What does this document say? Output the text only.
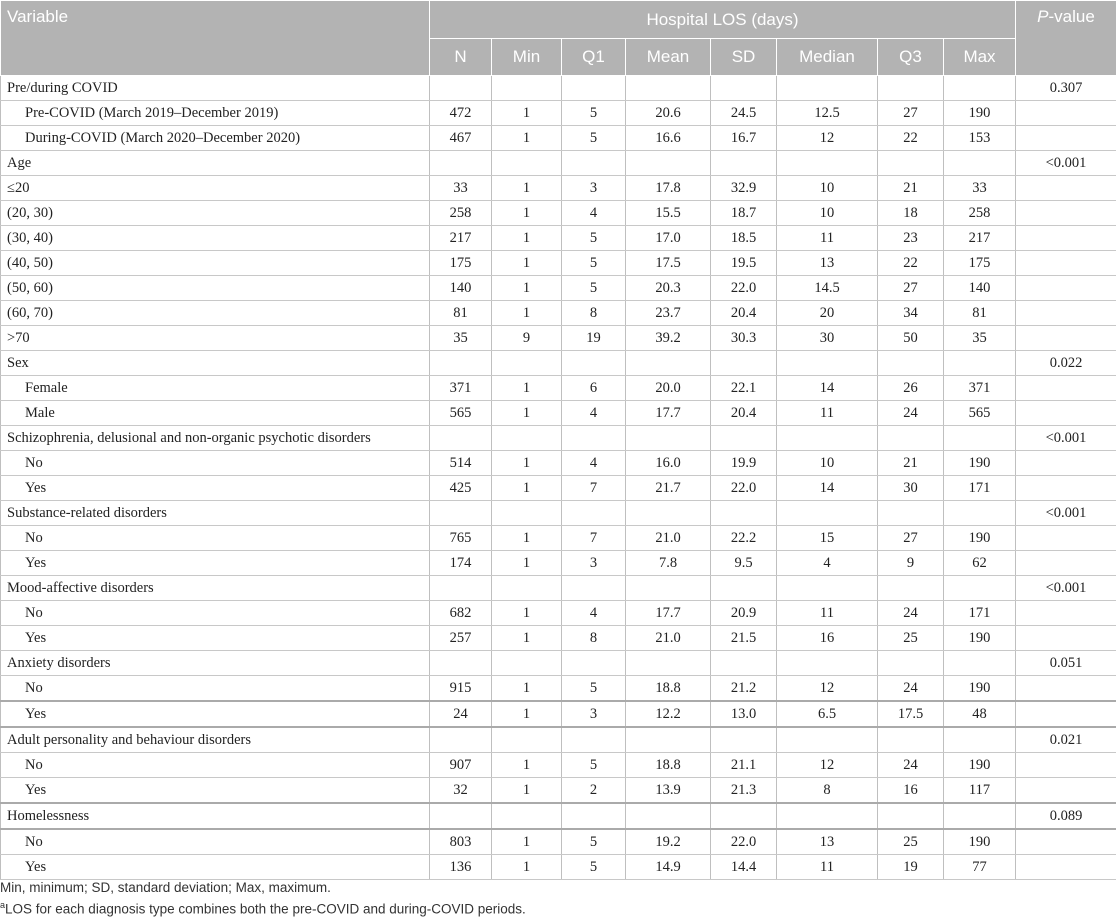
Variable	Hospital LOS (days)								P-value
	N	Min	Q1	Mean	SD	Median	Q3	Max	
Pre/during COVID									0.307
Pre-COVID (March 2019–December 2019)	472	1	5	20.6	24.5	12.5	27	190	
During-COVID (March 2020–December 2020)	467	1	5	16.6	16.7	12	22	153	
Age									<0.001
≤20	33	1	3	17.8	32.9	10	21	33	
(20, 30)	258	1	4	15.5	18.7	10	18	258	
(30, 40)	217	1	5	17.0	18.5	11	23	217	
(40, 50)	175	1	5	17.5	19.5	13	22	175	
(50, 60)	140	1	5	20.3	22.0	14.5	27	140	
(60, 70)	81	1	8	23.7	20.4	20	34	81	
>70	35	9	19	39.2	30.3	30	50	35	
Sex									0.022
Female	371	1	6	20.0	22.1	14	26	371	
Male	565	1	4	17.7	20.4	11	24	565	
Schizophrenia, delusional and non-organic psychotic disorders									<0.001
No	514	1	4	16.0	19.9	10	21	190	
Yes	425	1	7	21.7	22.0	14	30	171	
Substance-related disorders									<0.001
No	765	1	7	21.0	22.2	15	27	190	
Yes	174	1	3	7.8	9.5	4	9	62	
Mood-affective disorders									<0.001
No	682	1	4	17.7	20.9	11	24	171	
Yes	257	1	8	21.0	21.5	16	25	190	
Anxiety disorders									0.051
No	915	1	5	18.8	21.2	12	24	190	
Yes	24	1	3	12.2	13.0	6.5	17.5	48	
Adult personality and behaviour disorders									0.021
No	907	1	5	18.8	21.1	12	24	190	
Yes	32	1	2	13.9	21.3	8	16	117	
Homelessness									0.089
No	803	1	5	19.2	22.0	13	25	190	
Yes	136	1	5	14.9	14.4	11	19	77	
Min, minimum; SD, standard deviation; Max, maximum.
$^a$LOS for each diagnosis type combines both the pre-COVID and during-COVID periods.
